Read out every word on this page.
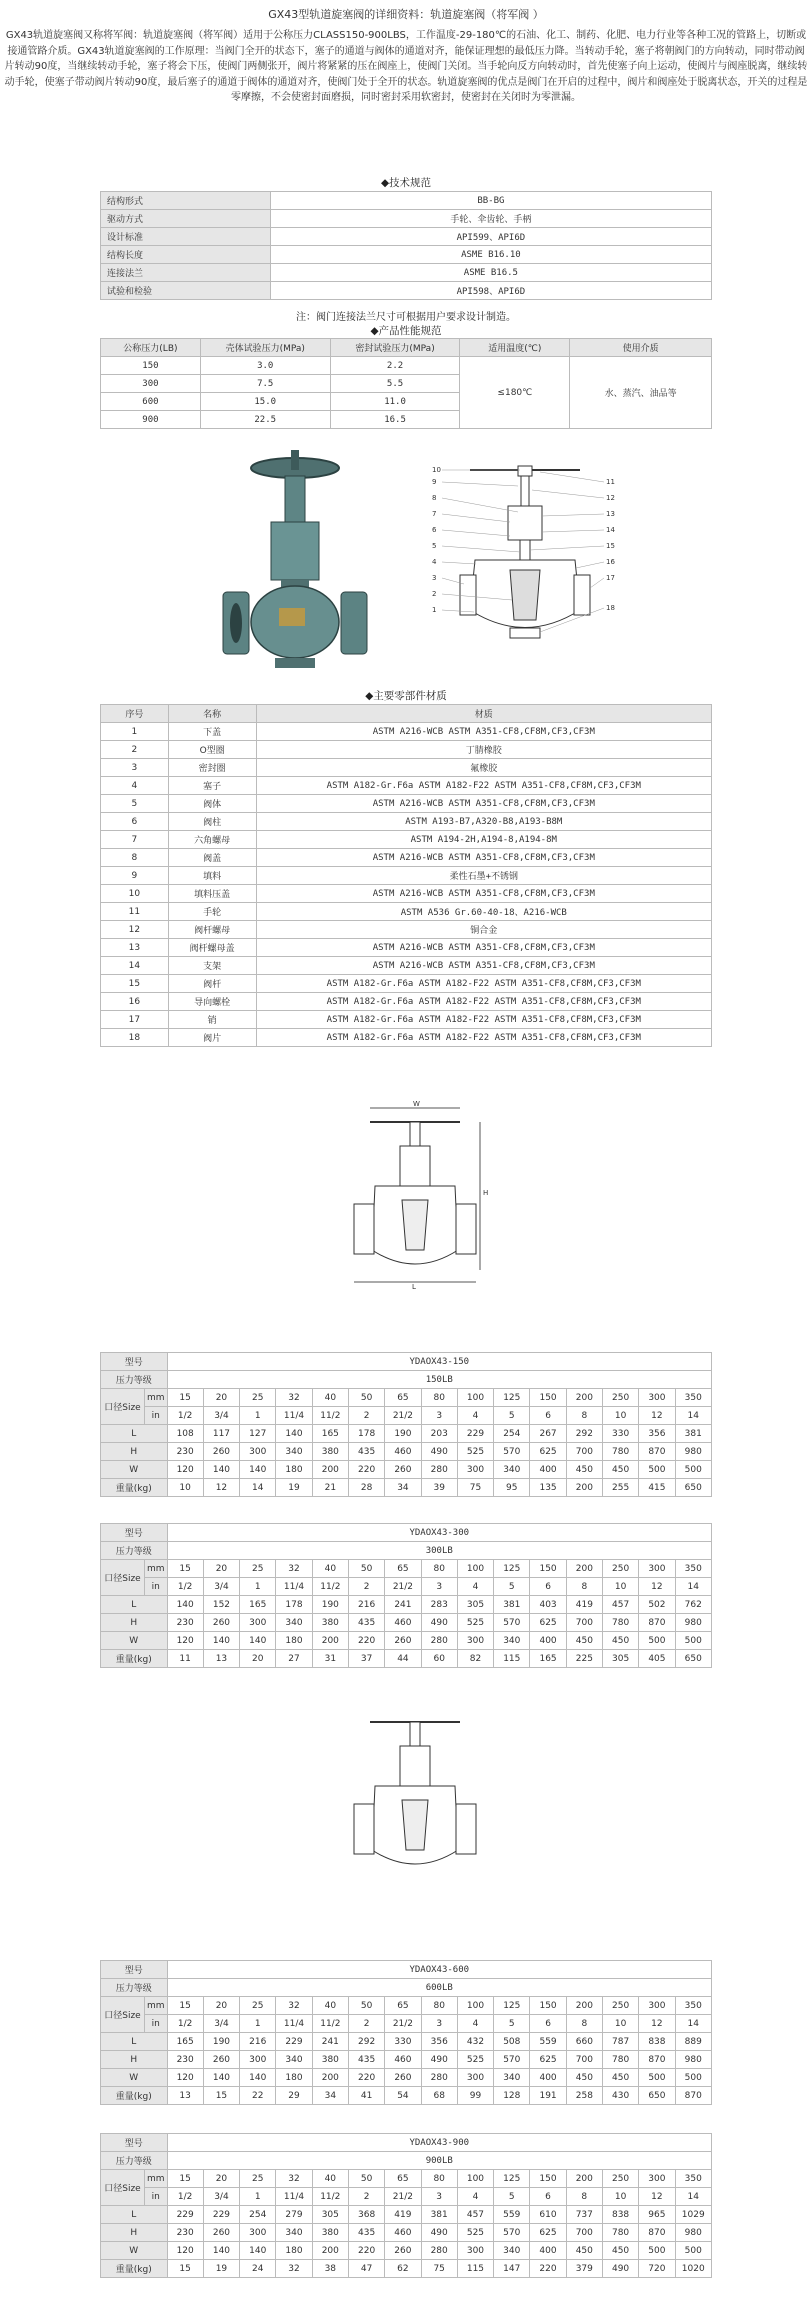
GX43型轨道旋塞阀的详细资料：轨道旋塞阀（将军阀 ）
GX43轨道旋塞阀又称将军阀：轨道旋塞阀（将军阀）适用于公称压力CLASS150-900LBS，工作温度-29-180℃的石油、化工、制药、化肥、电力行业等各种工况的管路上，切断或接通管路介质。GX43轨道旋塞阀的工作原理：当阀门全开的状态下，塞子的通道与阀体的通道对齐，能保证理想的最低压力降。当转动手轮，塞子将朝阀门的方向转动，同时带动阀片转动90度，当继续转动手轮，塞子将会下压，使阀门两侧张开，阀片将紧紧的压在阀座上，使阀门关闭。当手轮向反方向转动时，首先使塞子向上运动，使阀片与阀座脱离，继续转动手轮，使塞子带动阀片转动90度，最后塞子的通道于阀体的通道对齐，使阀门处于全开的状态。轨道旋塞阀的优点是阀门在开启的过程中，阀片和阀座处于脱离状态，开关的过程是零摩擦，不会使密封面磨损，同时密封采用软密封，使密封在关闭时为零泄漏。
◆技术规范
结构形式	BB-BG
驱动方式	手轮、伞齿轮、手柄
设计标准	API599、API6D
结构长度	ASME B16.10
连接法兰	ASME B16.5
试验和检验	API598、API6D
注：阀门连接法兰尺寸可根据用户要求设计制造。
◆产品性能规范
公称压力(LB)	壳体试验压力(MPa)	密封试验压力(MPa)	适用温度(℃)	使用介质
150	3.0	2.2	≤180℃	水、蒸汽、油品等
300	7.5	5.5		
600	15.0	11.0		
900	22.5	16.5		
10
9
8
7
6
5
4
3
2
1
11
12
13
14
15
16
17
18
◆主要零部件材质
序号	名称	材质
1	下盖	ASTM A216-WCB ASTM A351-CF8,CF8M,CF3,CF3M
2	O型圈	丁腈橡胶
3	密封圈	氟橡胶
4	塞子	ASTM A182-Gr.F6a ASTM A182-F22 ASTM A351-CF8,CF8M,CF3,CF3M
5	阀体	ASTM A216-WCB ASTM A351-CF8,CF8M,CF3,CF3M
6	阀柱	ASTM A193-B7,A320-B8,A193-B8M
7	六角螺母	ASTM A194-2H,A194-8,A194-8M
8	阀盖	ASTM A216-WCB ASTM A351-CF8,CF8M,CF3,CF3M
9	填料	柔性石墨+不锈钢
10	填料压盖	ASTM A216-WCB ASTM A351-CF8,CF8M,CF3,CF3M
11	手轮	ASTM A536 Gr.60-40-18、A216-WCB
12	阀杆螺母	铜合金
13	阀杆螺母盖	ASTM A216-WCB ASTM A351-CF8,CF8M,CF3,CF3M
14	支架	ASTM A216-WCB ASTM A351-CF8,CF8M,CF3,CF3M
15	阀杆	ASTM A182-Gr.F6a ASTM A182-F22 ASTM A351-CF8,CF8M,CF3,CF3M
16	导向螺栓	ASTM A182-Gr.F6a ASTM A182-F22 ASTM A351-CF8,CF8M,CF3,CF3M
17	销	ASTM A182-Gr.F6a ASTM A182-F22 ASTM A351-CF8,CF8M,CF3,CF3M
18	阀片	ASTM A182-Gr.F6a ASTM A182-F22 ASTM A351-CF8,CF8M,CF3,CF3M
W
H
L
型号		YDAOX43-150														
压力等级		150LB														
口径Size	mm	15	20	25	32	40	50	65	80	100	125	150	200	250	300	350
	in	1/2	3/4	1	11/4	11/2	2	21/2	3	4	5	6	8	10	12	14
L		108	117	127	140	165	178	190	203	229	254	267	292	330	356	381
H		230	260	300	340	380	435	460	490	525	570	625	700	780	870	980
W		120	140	140	180	200	220	260	280	300	340	400	450	450	500	500
重量(kg)		10	12	14	19	21	28	34	39	75	95	135	200	255	415	650
型号		YDAOX43-300														
压力等级		300LB														
口径Size	mm	15	20	25	32	40	50	65	80	100	125	150	200	250	300	350
	in	1/2	3/4	1	11/4	11/2	2	21/2	3	4	5	6	8	10	12	14
L		140	152	165	178	190	216	241	283	305	381	403	419	457	502	762
H		230	260	300	340	380	435	460	490	525	570	625	700	780	870	980
W		120	140	140	180	200	220	260	280	300	340	400	450	450	500	500
重量(kg)		11	13	20	27	31	37	44	60	82	115	165	225	305	405	650
型号		YDAOX43-600														
压力等级		600LB														
口径Size	mm	15	20	25	32	40	50	65	80	100	125	150	200	250	300	350
	in	1/2	3/4	1	11/4	11/2	2	21/2	3	4	5	6	8	10	12	14
L		165	190	216	229	241	292	330	356	432	508	559	660	787	838	889
H		230	260	300	340	380	435	460	490	525	570	625	700	780	870	980
W		120	140	140	180	200	220	260	280	300	340	400	450	450	500	500
重量(kg)		13	15	22	29	34	41	54	68	99	128	191	258	430	650	870
型号		YDAOX43-900														
压力等级		900LB														
口径Size	mm	15	20	25	32	40	50	65	80	100	125	150	200	250	300	350
	in	1/2	3/4	1	11/4	11/2	2	21/2	3	4	5	6	8	10	12	14
L		229	229	254	279	305	368	419	381	457	559	610	737	838	965	1029
H		230	260	300	340	380	435	460	490	525	570	625	700	780	870	980
W		120	140	140	180	200	220	260	280	300	340	400	450	450	500	500
重量(kg)		15	19	24	32	38	47	62	75	115	147	220	379	490	720	1020
